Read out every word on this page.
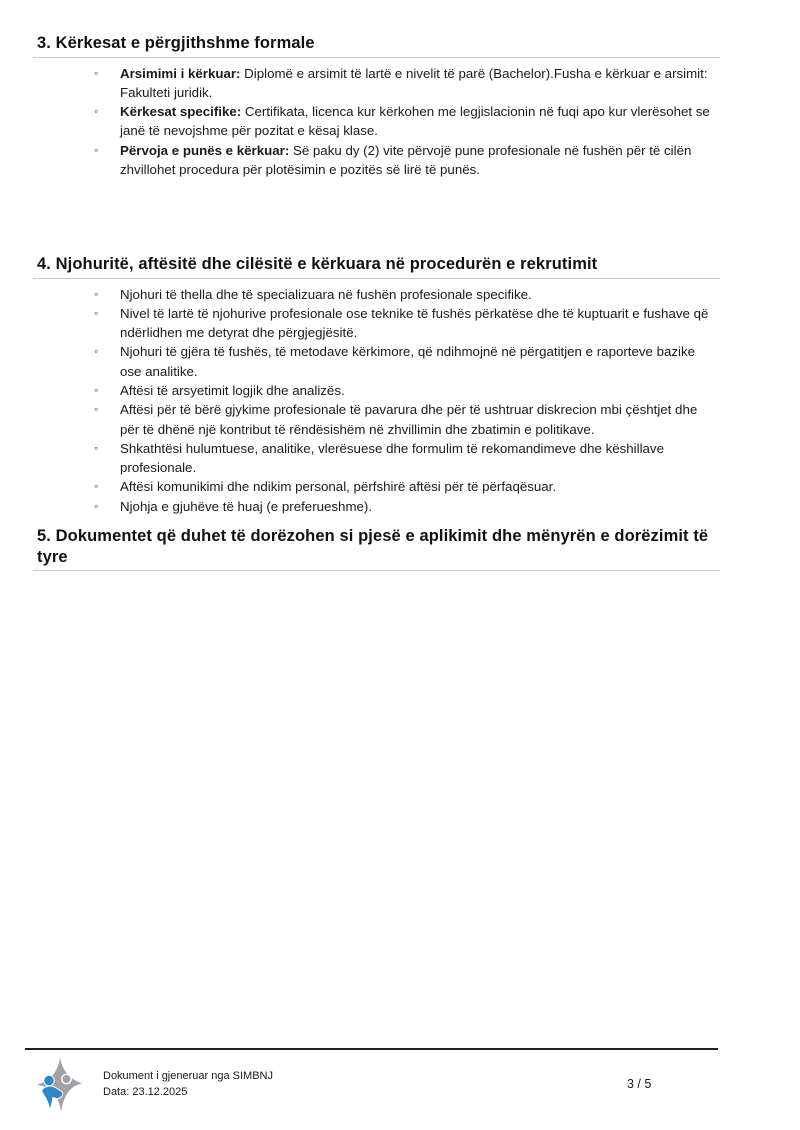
3. Kërkesat e përgjithshme formale
◦ Arsimimi i kërkuar: Diplomë e arsimit të lartë e nivelit të parë (Bachelor).Fusha e kërkuar e arsimit: Fakulteti juridik.
◦ Kërkesat specifike: Certifikata, licenca kur kërkohen me legjislacionin në fuqi apo kur vlerësohet se janë të nevojshme për pozitat e kësaj klase.
◦ Përvoja e punës e kërkuar: Së paku dy (2) vite përvojë pune profesionale në fushën për të cilën zhvillohet procedura për plotësimin e pozitës së lirë të punës.
4. Njohuritë, aftësitë dhe cilësitë e kërkuara në procedurën e rekrutimit
◦ Njohuri të thella dhe të specializuara në fushën profesionale specifike.
◦ Nivel të lartë të njohurive profesionale ose teknike të fushës përkatëse dhe të kuptuarit e fushave që ndërlidhen me detyrat dhe përgjegjësitë.
◦ Njohuri të gjëra të fushës, të metodave kërkimore, që ndihmojnë në përgatitjen e raporteve bazike ose analitike.
◦ Aftësi të arsyetimit logjik dhe analizës.
◦ Aftësi për të bërë gjykime profesionale të pavarura dhe për të ushtruar diskrecion mbi çështjet dhe për të dhënë një kontribut të rëndësishëm në zhvillimin dhe zbatimin e politikave.
◦ Shkathtësi hulumtuese, analitike, vlerësuese dhe formulim të rekomandimeve dhe këshillave profesionale.
◦ Aftësi komunikimi dhe ndikim personal, përfshirë aftësi për të përfaqësuar.
◦ Njohja e gjuhëve të huaj (e preferueshme).
5. Dokumentet që duhet të dorëzohen si pjesë e aplikimit dhe mënyrën e dorëzimit të tyre
Dokument i gjeneruar nga SIMBNJ
Data: 23.12.2025
3 / 5
